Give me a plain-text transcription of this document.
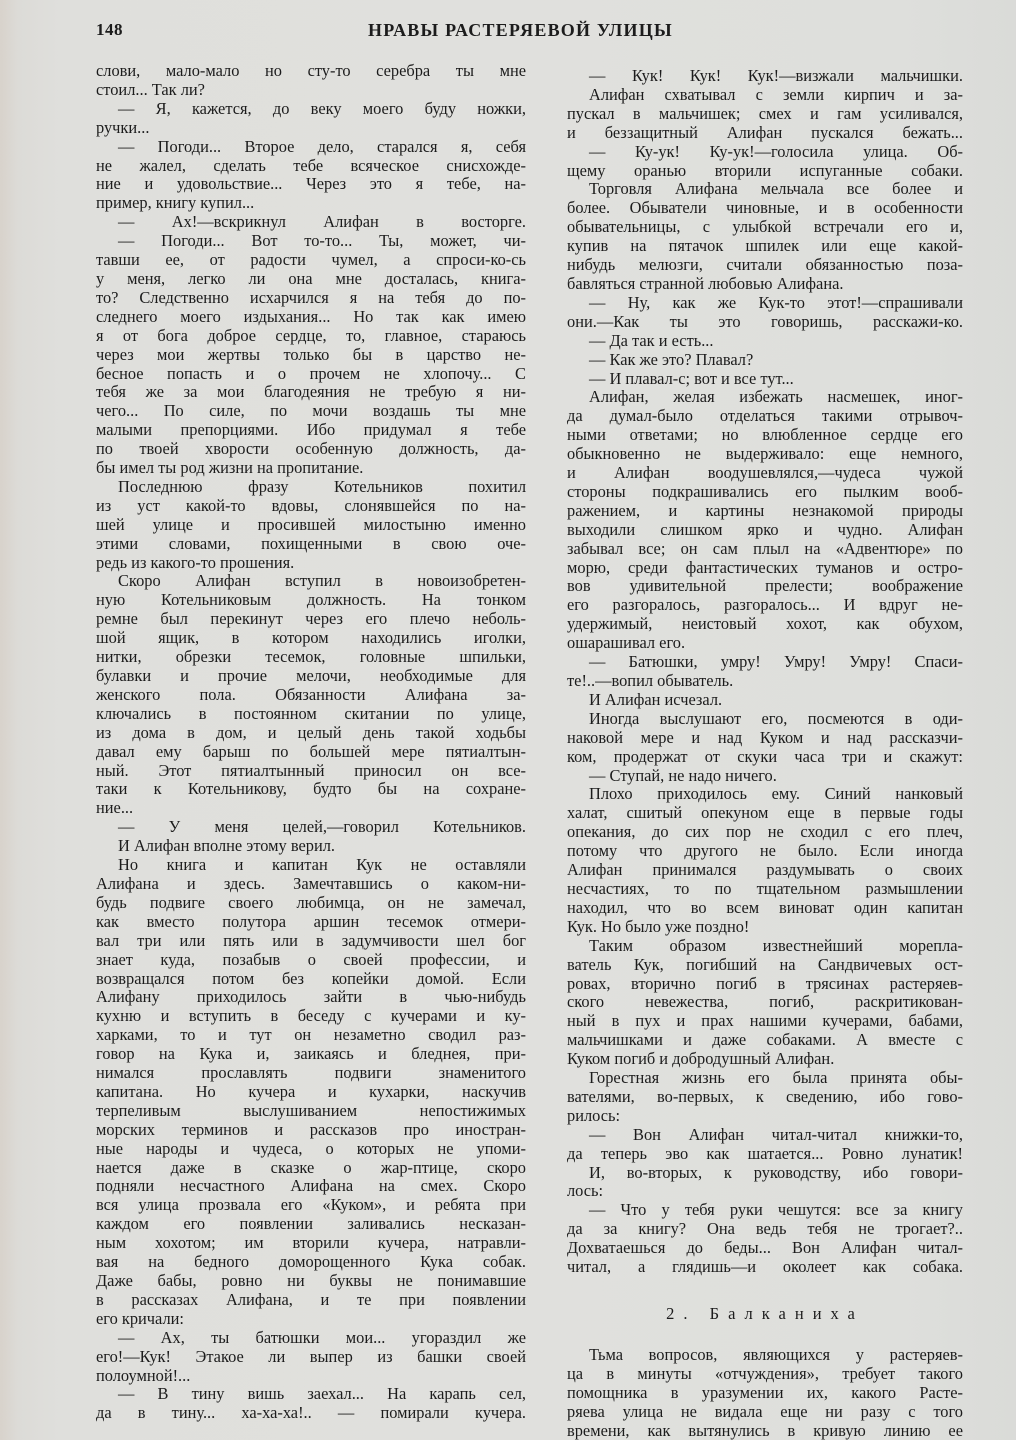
148	НРАВЫ РАСТЕРЯЕВОЙ УЛИЦЫ
слови, мало-мало но сту-то серебра ты мне
стоил... Так ли?
— Я, кажется, до веку моего буду ножки,
ручки...
— Погоди... Второе дело, старался я, себя
не жалел, сделать тебе всяческое снисхожде-
ние и удовольствие... Через это я тебе, на-
пример, книгу купил...
— Ах!—вскрикнул Алифан в восторге.
— Погоди... Вот то-то... Ты, может, чи-
тавши ее, от радости чумел, а спроси-ко-сь
у меня, легко ли она мне досталась, книга-
то? Следственно исхарчился я на тебя до по-
следнего моего издыхания... Но так как имею
я от бога доброе сердце, то, главное, стараюсь
через мои жертвы только бы в царство не-
бесное попасть и о прочем не хлопочу... С
тебя же за мои благодеяния не требую я ни-
чего... По силе, по мочи воздашь ты мне
малыми препорциями. Ибо придумал я тебе
по твоей хворости особенную должность, да-
бы имел ты род жизни на пропитание.
Последнюю фразу Котельников похитил
из уст какой-то вдовы, слонявшейся по на-
шей улице и просившей милостыню именно
этими словами, похищенными в свою оче-
редь из какого-то прошения.
Скоро Алифан вступил в новоизобретен-
ную Котельниковым должность. На тонком
ремне был перекинут через его плечо неболь-
шой ящик, в котором находились иголки,
нитки, обрезки тесемок, головные шпильки,
булавки и прочие мелочи, необходимые для
женского пола. Обязанности Алифана за-
ключались в постоянном скитании по улице,
из дома в дом, и целый день такой ходьбы
давал ему барыш по большей мере пятиалтын-
ный. Этот пятиалтынный приносил он все-
таки к Котельникову, будто бы на сохране-
ние...
— У меня целей,—говорил Котельников.
И Алифан вполне этому верил.
Но книга и капитан Кук не оставляли
Алифана и здесь. Замечтавшись о каком-ни-
будь подвиге своего любимца, он не замечал,
как вместо полутора аршин тесемок отмери-
вал три или пять или в задумчивости шел бог
знает куда, позабыв о своей профессии, и
возвращался потом без копейки домой. Если
Алифану приходилось зайти в чью-нибудь
кухню и вступить в беседу с кучерами и ку-
харками, то и тут он незаметно сводил раз-
говор на Кука и, заикаясь и бледнея, при-
нимался прославлять подвиги знаменитого
капитана. Но кучера и кухарки, наскучив
терпеливым выслушиванием непостижимых
морских терминов и рассказов про иностран-
ные народы и чудеса, о которых не упоми-
нается даже в сказке о жар-птице, скоро
подняли несчастного Алифана на смех. Скоро
вся улица прозвала его «Куком», и ребята при
каждом его появлении заливались несказан-
ным хохотом; им вторили кучера, натравли-
вая на бедного доморощенного Кука собак.
Даже бабы, ровно ни буквы не понимавшие
в рассказах Алифана, и те при появлении
его кричали:
— Ах, ты батюшки мои... угораздил же
его!—Кук! Этакое ли выпер из башки своей
полоумной!...
— В тину вишь заехал... На карапь сел,
да в тину... ха-ха-ха!.. — помирали кучера.
— Кук! Кук! Кук!—визжали мальчишки.
Алифан схватывал с земли кирпич и за-
пускал в мальчишек; смех и гам усиливался,
и беззащитный Алифан пускался бежать...
— Ку-ук! Ку-ук!—голосила улица. Об-
щему оранью вторили испуганные собаки.
Торговля Алифана мельчала все более и
более. Обыватели чиновные, и в особенности
обывательницы, с улыбкой встречали его и,
купив на пятачок шпилек или еще какой-
нибудь мелюзги, считали обязанностью поза-
бавляться странной любовью Алифана.
— Ну, как же Кук-то этот!—спрашивали
они.—Как ты это говоришь, расскажи-ко.
— Да так и есть...
— Как же это? Плавал?
— И плавал-с; вот и все тут...
Алифан, желая избежать насмешек, иног-
да думал-было отделаться такими отрывоч-
ными ответами; но влюбленное сердце его
обыкновенно не выдерживало: еще немного,
и Алифан воодушевлялся,—чудеса чужой
стороны подкрашивались его пылким вооб-
ражением, и картины незнакомой природы
выходили слишком ярко и чудно. Алифан
забывал все; он сам плыл на «Адвентюре» по
морю, среди фантастических туманов и остро-
вов удивительной прелести; воображение
его разгоралось, разгоралось... И вдруг не-
удержимый, неистовый хохот, как обухом,
ошарашивал его.
— Батюшки, умру! Умру! Умру! Спаси-
те!..—вопил обыватель.
И Алифан исчезал.
Иногда выслушают его, посмеются в оди-
наковой мере и над Куком и над рассказчи-
ком, продержат от скуки часа три и скажут:
— Ступай, не надо ничего.
Плохо приходилось ему. Синий нанковый
халат, сшитый опекуном еще в первые годы
опекания, до сих пор не сходил с его плеч,
потому что другого не было. Если иногда
Алифан принимался раздумывать о своих
несчастиях, то по тщательном размышлении
находил, что во всем виноват один капитан
Кук. Но было уже поздно!
Таким образом известнейший морепла-
ватель Кук, погибший на Сандвичевых ост-
ровах, вторично погиб в трясинах растеряев-
ского невежества, погиб, раскритикован-
ный в пух и прах нашими кучерами, бабами,
мальчишками и даже собаками. А вместе с
Куком погиб и добродушный Алифан.
Горестная жизнь его была принята обы-
вателями, во-первых, к сведению, ибо гово-
рилось:
— Вон Алифан читал-читал книжки-то,
да теперь эво как шатается... Ровно лунатик!
И, во-вторых, к руководству, ибо говори-
лось:
— Что у тебя руки чешутся: все за книгу
да за книгу? Она ведь тебя не трогает?..
Дохватаешься до беды... Вон Алифан читал-
читал, а глядишь—и околеет как собака.
2. Балканиха
Тьма вопросов, являющихся у растеряев-
ца в минуты «отчуждения», требует такого
помощника в уразумении их, какого Расте-
ряева улица не видала еще ни разу с того
времени, как вытянулись в кривую линию ее
